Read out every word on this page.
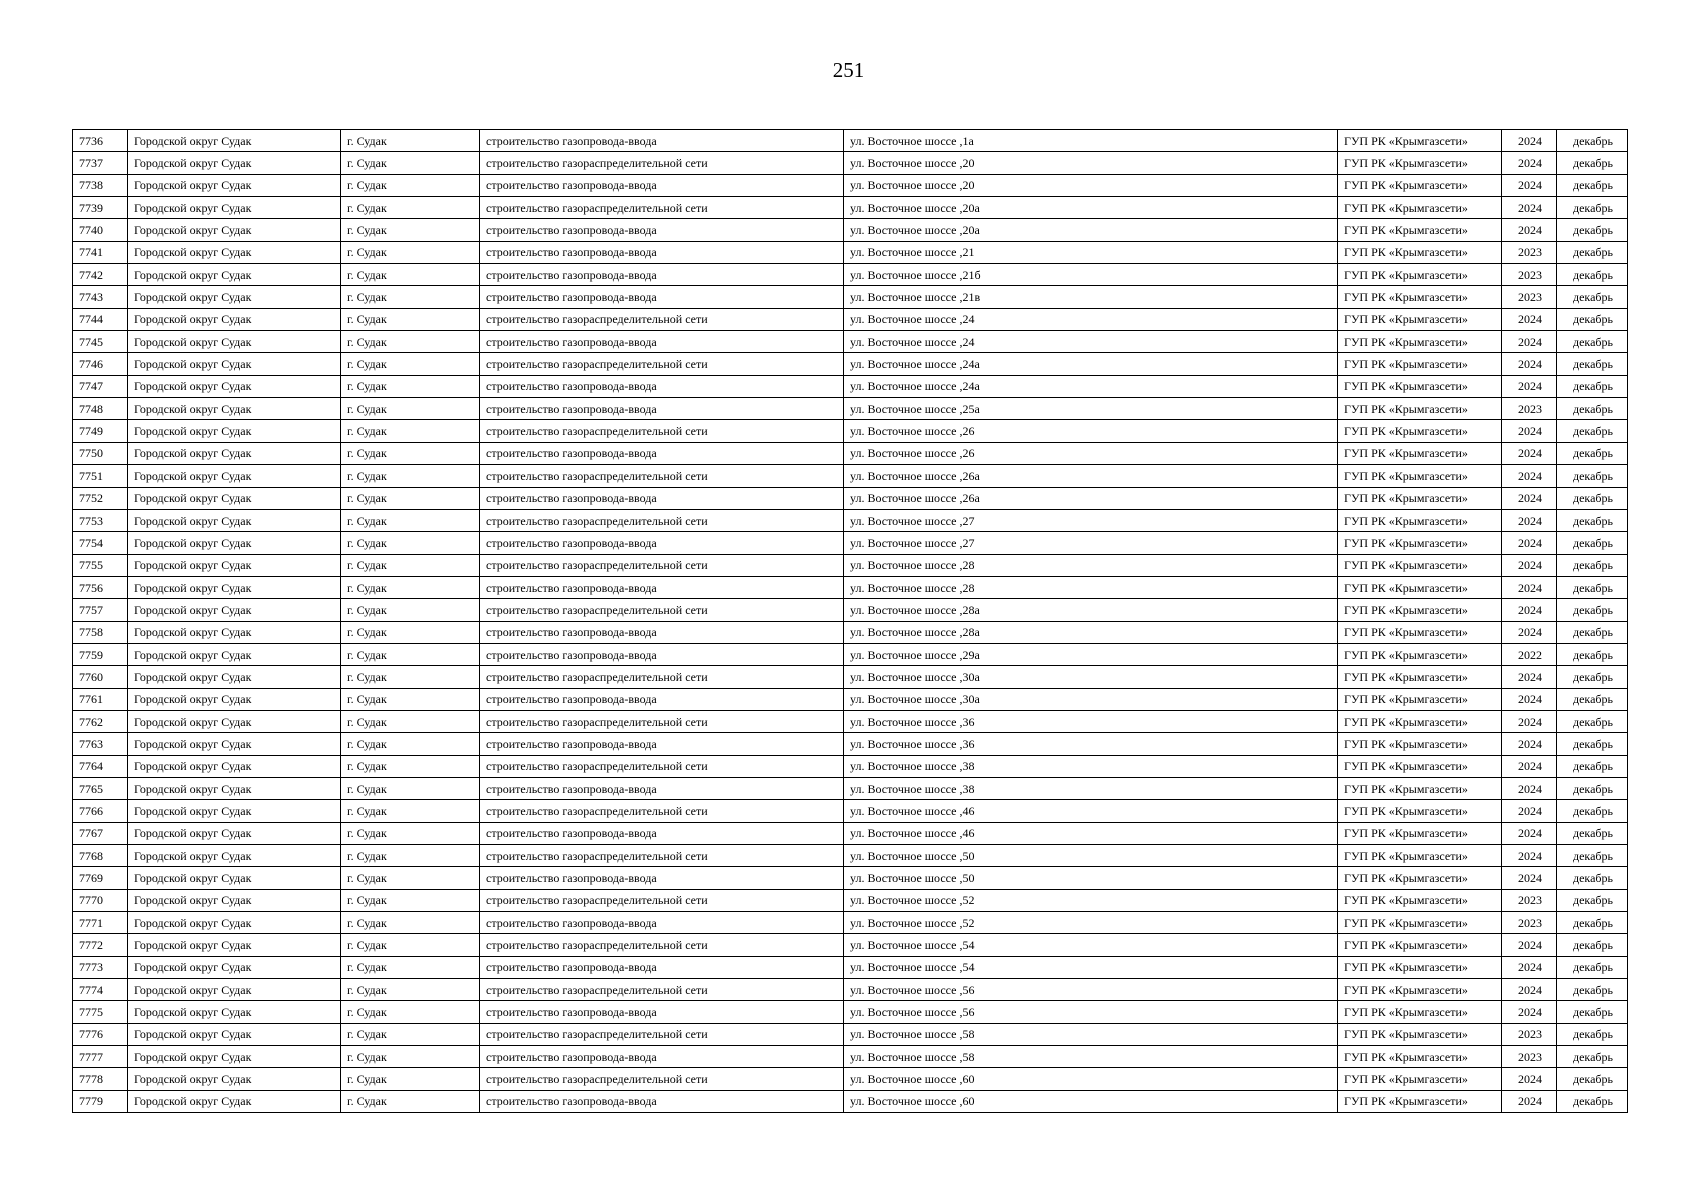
251
7736	Городской округ Судак	г. Судак	строительство газопровода-ввода	ул. Восточное шоссе ,1а	ГУП РК «Крымгазсети»	2024	декабрь
7737	Городской округ Судак	г. Судак	строительство газораспределительной сети	ул. Восточное шоссе ,20	ГУП РК «Крымгазсети»	2024	декабрь
7738	Городской округ Судак	г. Судак	строительство газопровода-ввода	ул. Восточное шоссе ,20	ГУП РК «Крымгазсети»	2024	декабрь
7739	Городской округ Судак	г. Судак	строительство газораспределительной сети	ул. Восточное шоссе ,20а	ГУП РК «Крымгазсети»	2024	декабрь
7740	Городской округ Судак	г. Судак	строительство газопровода-ввода	ул. Восточное шоссе ,20а	ГУП РК «Крымгазсети»	2024	декабрь
7741	Городской округ Судак	г. Судак	строительство газопровода-ввода	ул. Восточное шоссе ,21	ГУП РК «Крымгазсети»	2023	декабрь
7742	Городской округ Судак	г. Судак	строительство газопровода-ввода	ул. Восточное шоссе ,21б	ГУП РК «Крымгазсети»	2023	декабрь
7743	Городской округ Судак	г. Судак	строительство газопровода-ввода	ул. Восточное шоссе ,21в	ГУП РК «Крымгазсети»	2023	декабрь
7744	Городской округ Судак	г. Судак	строительство газораспределительной сети	ул. Восточное шоссе ,24	ГУП РК «Крымгазсети»	2024	декабрь
7745	Городской округ Судак	г. Судак	строительство газопровода-ввода	ул. Восточное шоссе ,24	ГУП РК «Крымгазсети»	2024	декабрь
7746	Городской округ Судак	г. Судак	строительство газораспределительной сети	ул. Восточное шоссе ,24а	ГУП РК «Крымгазсети»	2024	декабрь
7747	Городской округ Судак	г. Судак	строительство газопровода-ввода	ул. Восточное шоссе ,24а	ГУП РК «Крымгазсети»	2024	декабрь
7748	Городской округ Судак	г. Судак	строительство газопровода-ввода	ул. Восточное шоссе ,25а	ГУП РК «Крымгазсети»	2023	декабрь
7749	Городской округ Судак	г. Судак	строительство газораспределительной сети	ул. Восточное шоссе ,26	ГУП РК «Крымгазсети»	2024	декабрь
7750	Городской округ Судак	г. Судак	строительство газопровода-ввода	ул. Восточное шоссе ,26	ГУП РК «Крымгазсети»	2024	декабрь
7751	Городской округ Судак	г. Судак	строительство газораспределительной сети	ул. Восточное шоссе ,26а	ГУП РК «Крымгазсети»	2024	декабрь
7752	Городской округ Судак	г. Судак	строительство газопровода-ввода	ул. Восточное шоссе ,26а	ГУП РК «Крымгазсети»	2024	декабрь
7753	Городской округ Судак	г. Судак	строительство газораспределительной сети	ул. Восточное шоссе ,27	ГУП РК «Крымгазсети»	2024	декабрь
7754	Городской округ Судак	г. Судак	строительство газопровода-ввода	ул. Восточное шоссе ,27	ГУП РК «Крымгазсети»	2024	декабрь
7755	Городской округ Судак	г. Судак	строительство газораспределительной сети	ул. Восточное шоссе ,28	ГУП РК «Крымгазсети»	2024	декабрь
7756	Городской округ Судак	г. Судак	строительство газопровода-ввода	ул. Восточное шоссе ,28	ГУП РК «Крымгазсети»	2024	декабрь
7757	Городской округ Судак	г. Судак	строительство газораспределительной сети	ул. Восточное шоссе ,28а	ГУП РК «Крымгазсети»	2024	декабрь
7758	Городской округ Судак	г. Судак	строительство газопровода-ввода	ул. Восточное шоссе ,28а	ГУП РК «Крымгазсети»	2024	декабрь
7759	Городской округ Судак	г. Судак	строительство газопровода-ввода	ул. Восточное шоссе ,29а	ГУП РК «Крымгазсети»	2022	декабрь
7760	Городской округ Судак	г. Судак	строительство газораспределительной сети	ул. Восточное шоссе ,30а	ГУП РК «Крымгазсети»	2024	декабрь
7761	Городской округ Судак	г. Судак	строительство газопровода-ввода	ул. Восточное шоссе ,30а	ГУП РК «Крымгазсети»	2024	декабрь
7762	Городской округ Судак	г. Судак	строительство газораспределительной сети	ул. Восточное шоссе ,36	ГУП РК «Крымгазсети»	2024	декабрь
7763	Городской округ Судак	г. Судак	строительство газопровода-ввода	ул. Восточное шоссе ,36	ГУП РК «Крымгазсети»	2024	декабрь
7764	Городской округ Судак	г. Судак	строительство газораспределительной сети	ул. Восточное шоссе ,38	ГУП РК «Крымгазсети»	2024	декабрь
7765	Городской округ Судак	г. Судак	строительство газопровода-ввода	ул. Восточное шоссе ,38	ГУП РК «Крымгазсети»	2024	декабрь
7766	Городской округ Судак	г. Судак	строительство газораспределительной сети	ул. Восточное шоссе ,46	ГУП РК «Крымгазсети»	2024	декабрь
7767	Городской округ Судак	г. Судак	строительство газопровода-ввода	ул. Восточное шоссе ,46	ГУП РК «Крымгазсети»	2024	декабрь
7768	Городской округ Судак	г. Судак	строительство газораспределительной сети	ул. Восточное шоссе ,50	ГУП РК «Крымгазсети»	2024	декабрь
7769	Городской округ Судак	г. Судак	строительство газопровода-ввода	ул. Восточное шоссе ,50	ГУП РК «Крымгазсети»	2024	декабрь
7770	Городской округ Судак	г. Судак	строительство газораспределительной сети	ул. Восточное шоссе ,52	ГУП РК «Крымгазсети»	2023	декабрь
7771	Городской округ Судак	г. Судак	строительство газопровода-ввода	ул. Восточное шоссе ,52	ГУП РК «Крымгазсети»	2023	декабрь
7772	Городской округ Судак	г. Судак	строительство газораспределительной сети	ул. Восточное шоссе ,54	ГУП РК «Крымгазсети»	2024	декабрь
7773	Городской округ Судак	г. Судак	строительство газопровода-ввода	ул. Восточное шоссе ,54	ГУП РК «Крымгазсети»	2024	декабрь
7774	Городской округ Судак	г. Судак	строительство газораспределительной сети	ул. Восточное шоссе ,56	ГУП РК «Крымгазсети»	2024	декабрь
7775	Городской округ Судак	г. Судак	строительство газопровода-ввода	ул. Восточное шоссе ,56	ГУП РК «Крымгазсети»	2024	декабрь
7776	Городской округ Судак	г. Судак	строительство газораспределительной сети	ул. Восточное шоссе ,58	ГУП РК «Крымгазсети»	2023	декабрь
7777	Городской округ Судак	г. Судак	строительство газопровода-ввода	ул. Восточное шоссе ,58	ГУП РК «Крымгазсети»	2023	декабрь
7778	Городской округ Судак	г. Судак	строительство газораспределительной сети	ул. Восточное шоссе ,60	ГУП РК «Крымгазсети»	2024	декабрь
7779	Городской округ Судак	г. Судак	строительство газопровода-ввода	ул. Восточное шоссе ,60	ГУП РК «Крымгазсети»	2024	декабрь
